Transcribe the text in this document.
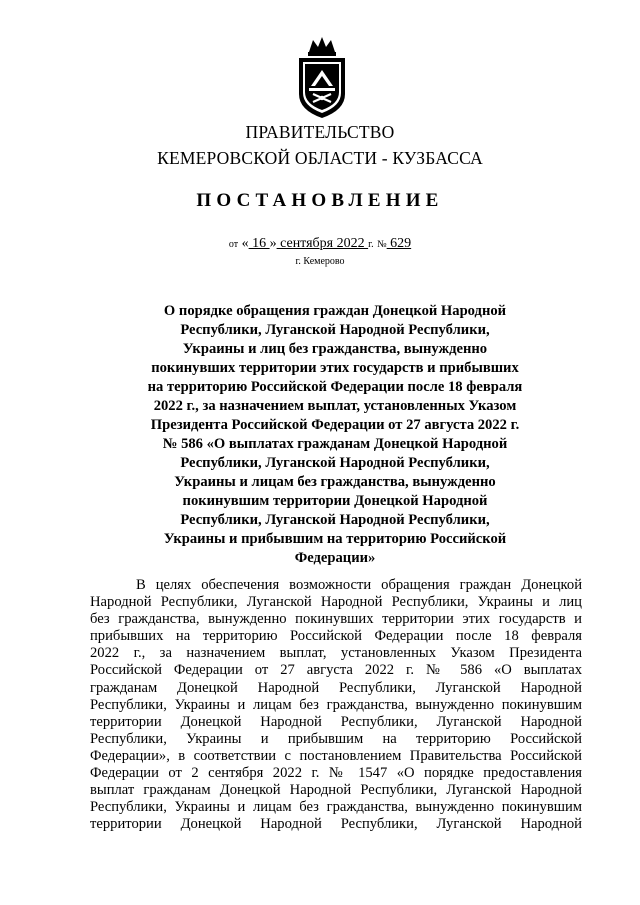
ПРАВИТЕЛЬСТВО
КЕМЕРОВСКОЙ ОБЛАСТИ - КУЗБАССА
ПОСТАНОВЛЕНИЕ
от « 16 » сентября 2022 г. № 629
г. Кемерово
О порядке обращения граждан Донецкой Народной
Республики, Луганской Народной Республики,
Украины и лиц без гражданства, вынужденно
покинувших территории этих государств и прибывших
на территорию Российской Федерации после 18 февраля
2022 г., за назначением выплат, установленных Указом
Президента Российской Федерации от 27 августа 2022 г.
№ 586 «О выплатах гражданам Донецкой Народной
Республики, Луганской Народной Республики,
Украины и лицам без гражданства, вынужденно
покинувшим территории Донецкой Народной
Республики, Луганской Народной Республики,
Украины и прибывшим на территорию Российской
Федерации»
В целях обеспечения возможности обращения граждан Донецкой
Народной Республики, Луганской Народной Республики, Украины и лиц
без гражданства, вынужденно покинувших территории этих государств и
прибывших на территорию Российской Федерации после 18 февраля
2022 г., за назначением выплат, установленных Указом Президента
Российской Федерации от 27 августа 2022 г. № 586 «О выплатах
гражданам Донецкой Народной Республики, Луганской Народной
Республики, Украины и лицам без гражданства, вынужденно покинувшим
территории Донецкой Народной Республики, Луганской Народной
Республики, Украины и прибывшим на территорию Российской
Федерации», в соответствии с постановлением Правительства Российской
Федерации от 2 сентября 2022 г. № 1547 «О порядке предоставления
выплат гражданам Донецкой Народной Республики, Луганской Народной
Республики, Украины и лицам без гражданства, вынужденно покинувшим
территории Донецкой Народной Республики, Луганской Народной
